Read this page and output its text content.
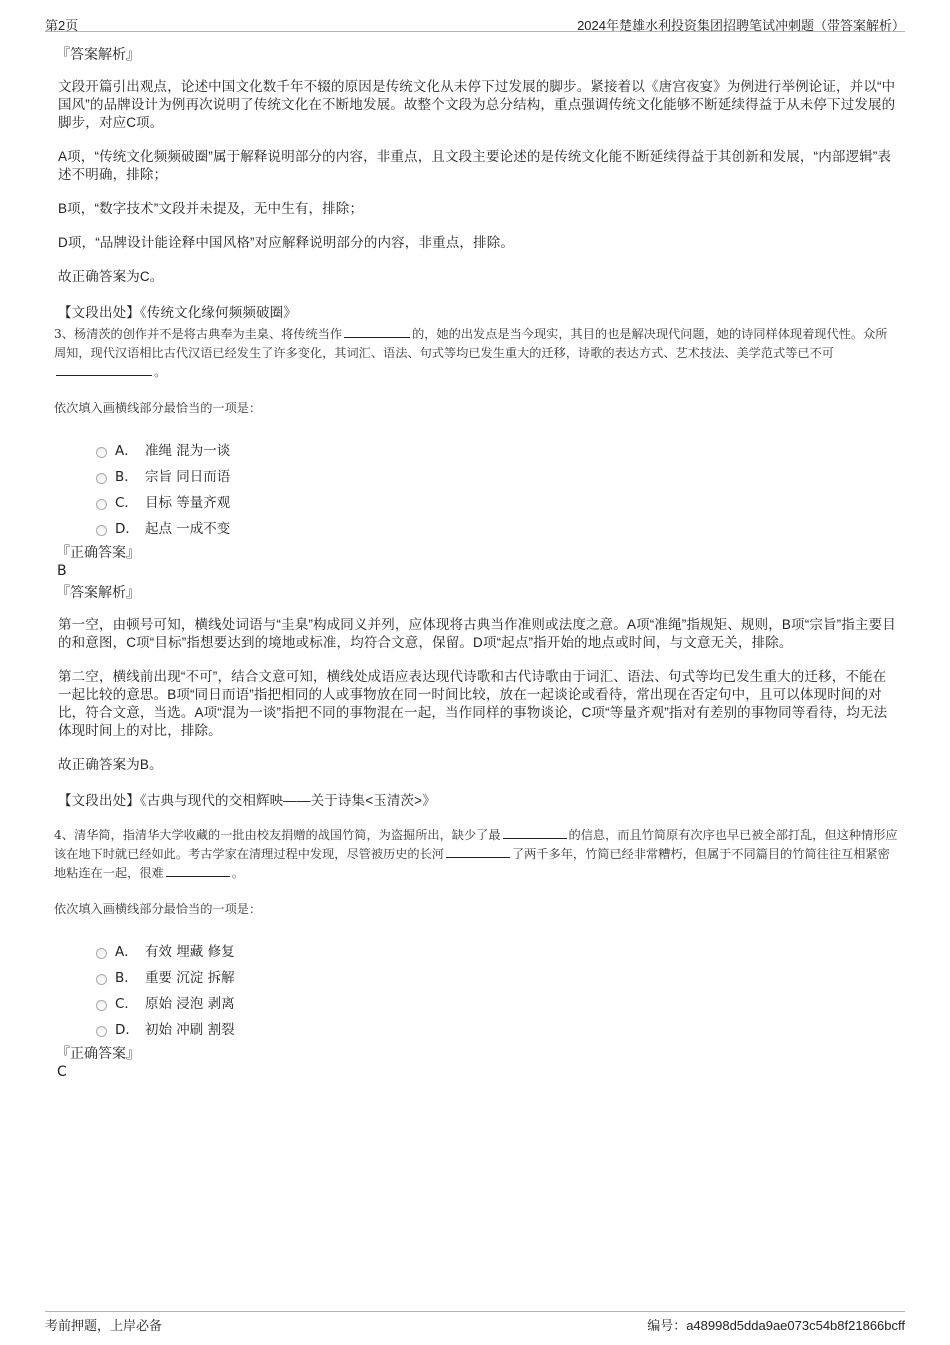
第2页	2024年楚雄水利投资集团招聘笔试冲刺题（带答案解析）
『答案解析』
文段开篇引出观点，论述中国文化数千年不辍的原因是传统文化从未停下过发展的脚步。紧接着以《唐宫夜宴》为例进行举例论证，并以“中国风”的品牌设计为例再次说明了传统文化在不断地发展。故整个文段为总分结构，重点强调传统文化能够不断延续得益于从未停下过发展的脚步，对应C项。
A项，“传统文化频频破圈”属于解释说明部分的内容，非重点，且文段主要论述的是传统文化能不断延续得益于其创新和发展，“内部逻辑”表述不明确，排除；
B项，“数字技术”文段并未提及，无中生有，排除；
D项，“品牌设计能诠释中国风格”对应解释说明部分的内容，非重点，排除。
故正确答案为C。
【文段出处】《传统文化缘何频频破圈》
3、杨清茨的创作并不是将古典奉为圭臬、将传统当作	的，她的出发点是当今现实，其目的也是解决现代问题，她的诗同样体现着现代性。众所周知，现代汉语相比古代汉语已经发生了许多变化，其词汇、语法、句式等均已发生重大的迁移，诗歌的表达方式、艺术技法、美学范式等已不可。
依次填入画横线部分最恰当的一项是：
A． 准绳 混为一谈
B． 宗旨 同日而语
C． 目标 等量齐观
D． 起点 一成不变
『正确答案』
B
『答案解析』
第一空，由顿号可知，横线处词语与“圭臬”构成同义并列，应体现将古典当作准则或法度之意。A项“准绳”指规矩、规则，B项“宗旨”指主要目的和意图，C项“目标”指想要达到的境地或标准，均符合文意，保留。D项“起点”指开始的地点或时间，与文意无关，排除。
第二空，横线前出现“不可”，结合文意可知，横线处成语应表达现代诗歌和古代诗歌由于词汇、语法、句式等均已发生重大的迁移，不能在一起比较的意思。B项“同日而语”指把相同的人或事物放在同一时间比较，放在一起谈论或看待，常出现在否定句中，且可以体现时间的对比，符合文意，当选。A项“混为一谈”指把不同的事物混在一起，当作同样的事物谈论，C项“等量齐观”指对有差别的事物同等看待，均无法体现时间上的对比，排除。
故正确答案为B。
【文段出处】《古典与现代的交相辉映——关于诗集<玉清茨>》
4、清华简，指清华大学收藏的一批由校友捐赠的战国竹简，为盗掘所出，缺少了最	的信息，而且竹简原有次序也早已被全部打乱，但这种情形应该在地下时就已经如此。考古学家在清理过程中发现，尽管被历史的长河	了两千多年，竹简已经非常糟朽，但属于不同篇目的竹简往往互相紧密地粘连在一起，很难	。
依次填入画横线部分最恰当的一项是：
A． 有效 埋藏 修复
B． 重要 沉淀 拆解
C． 原始 浸泡 剥离
D． 初始 冲刷 割裂
『正确答案』
C
考前押题，上岸必备	编号：a48998d5dda9ae073c54b8f21866bcff
